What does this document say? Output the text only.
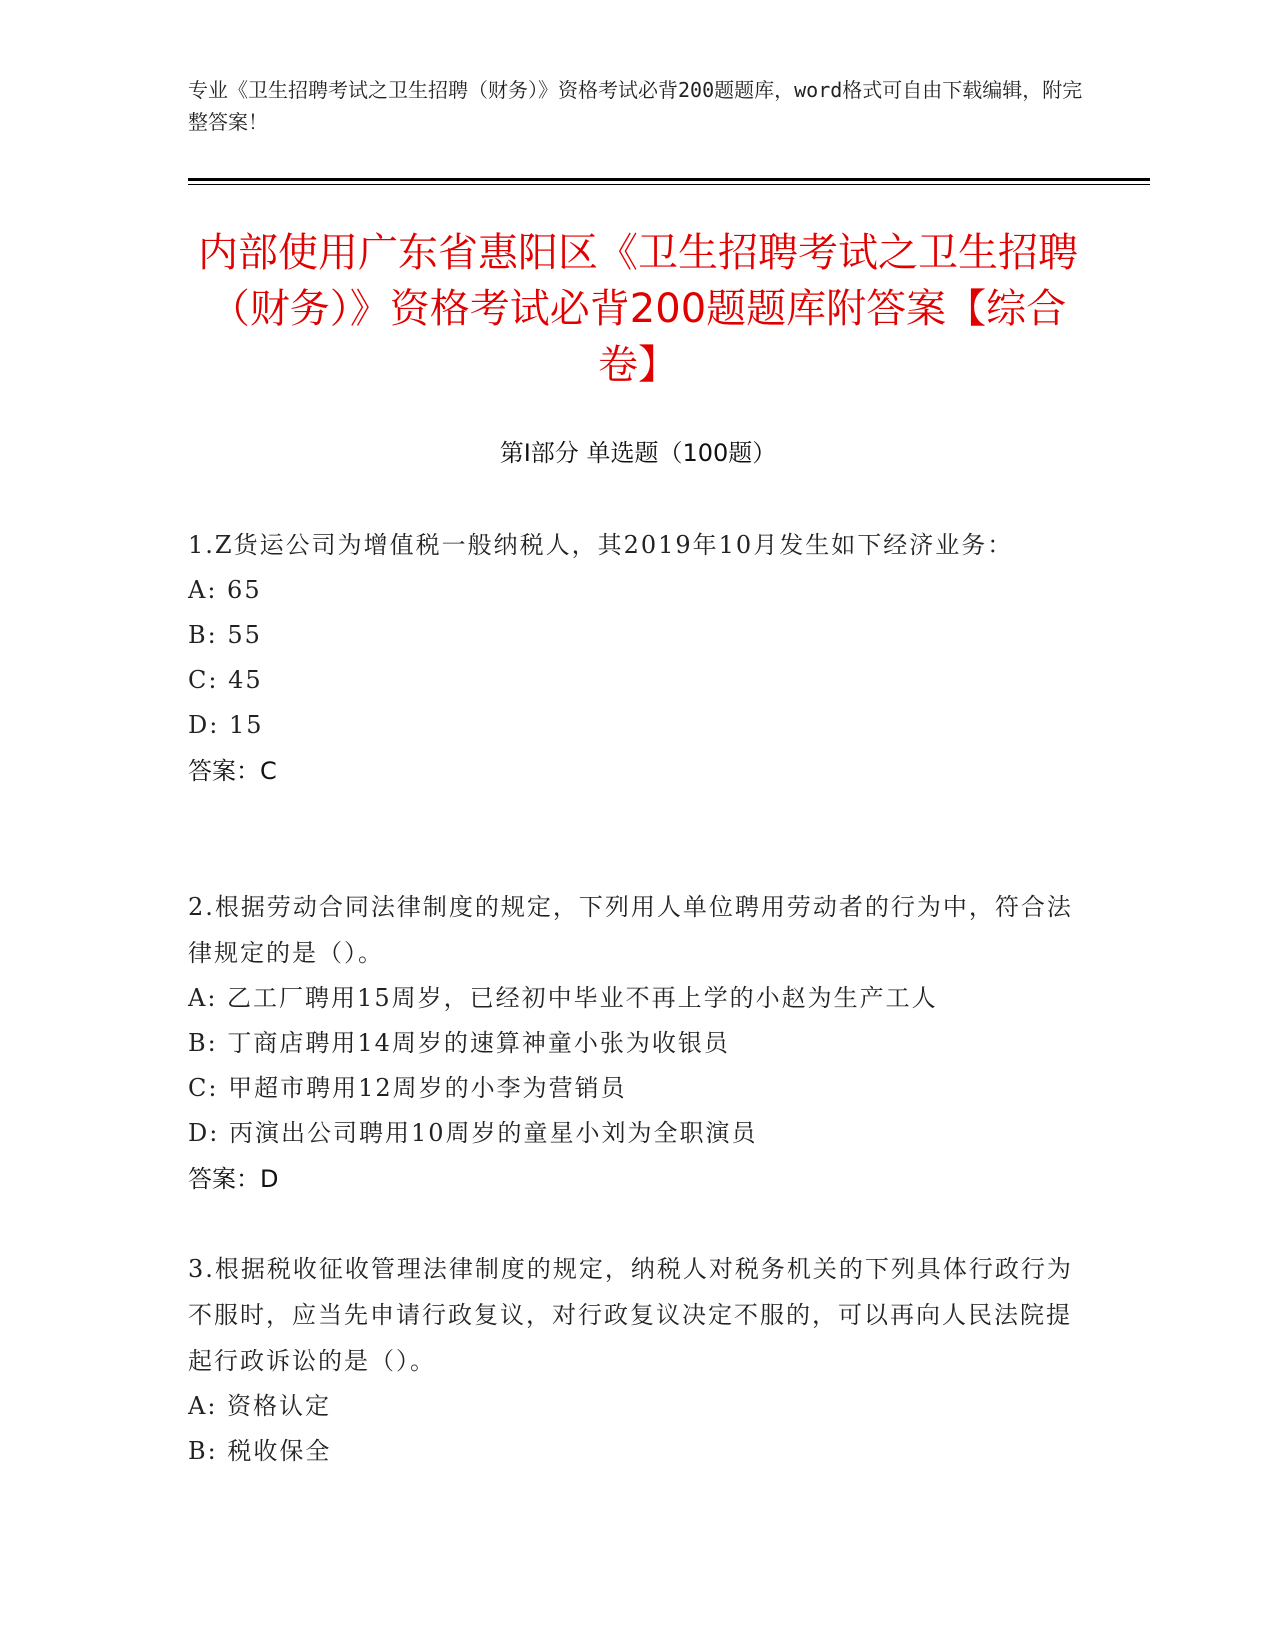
专业《卫生招聘考试之卫生招聘（财务）》资格考试必背200题题库，word格式可自由下载编辑，附完整答案！
内部使用广东省惠阳区《卫生招聘考试之卫生招聘（财务）》资格考试必背200题题库附答案【综合卷】
第Ⅰ部分 单选题（100题）

1.Z货运公司为增值税一般纳税人，其2019年10月发生如下经济业务：

A: 65

B: 55

C: 45

D: 15

答案：C

2.根据劳动合同法律制度的规定，下列用人单位聘用劳动者的行为中，符合法律规定的是（）。

A: 乙工厂聘用15周岁，已经初中毕业不再上学的小赵为生产工人

B: 丁商店聘用14周岁的速算神童小张为收银员

C: 甲超市聘用12周岁的小李为营销员

D: 丙演出公司聘用10周岁的童星小刘为全职演员

答案：D

3.根据税收征收管理法律制度的规定，纳税人对税务机关的下列具体行政行为不服时，应当先申请行政复议，对行政复议决定不服的，可以再向人民法院提起行政诉讼的是（）。

A: 资格认定

B: 税收保全
